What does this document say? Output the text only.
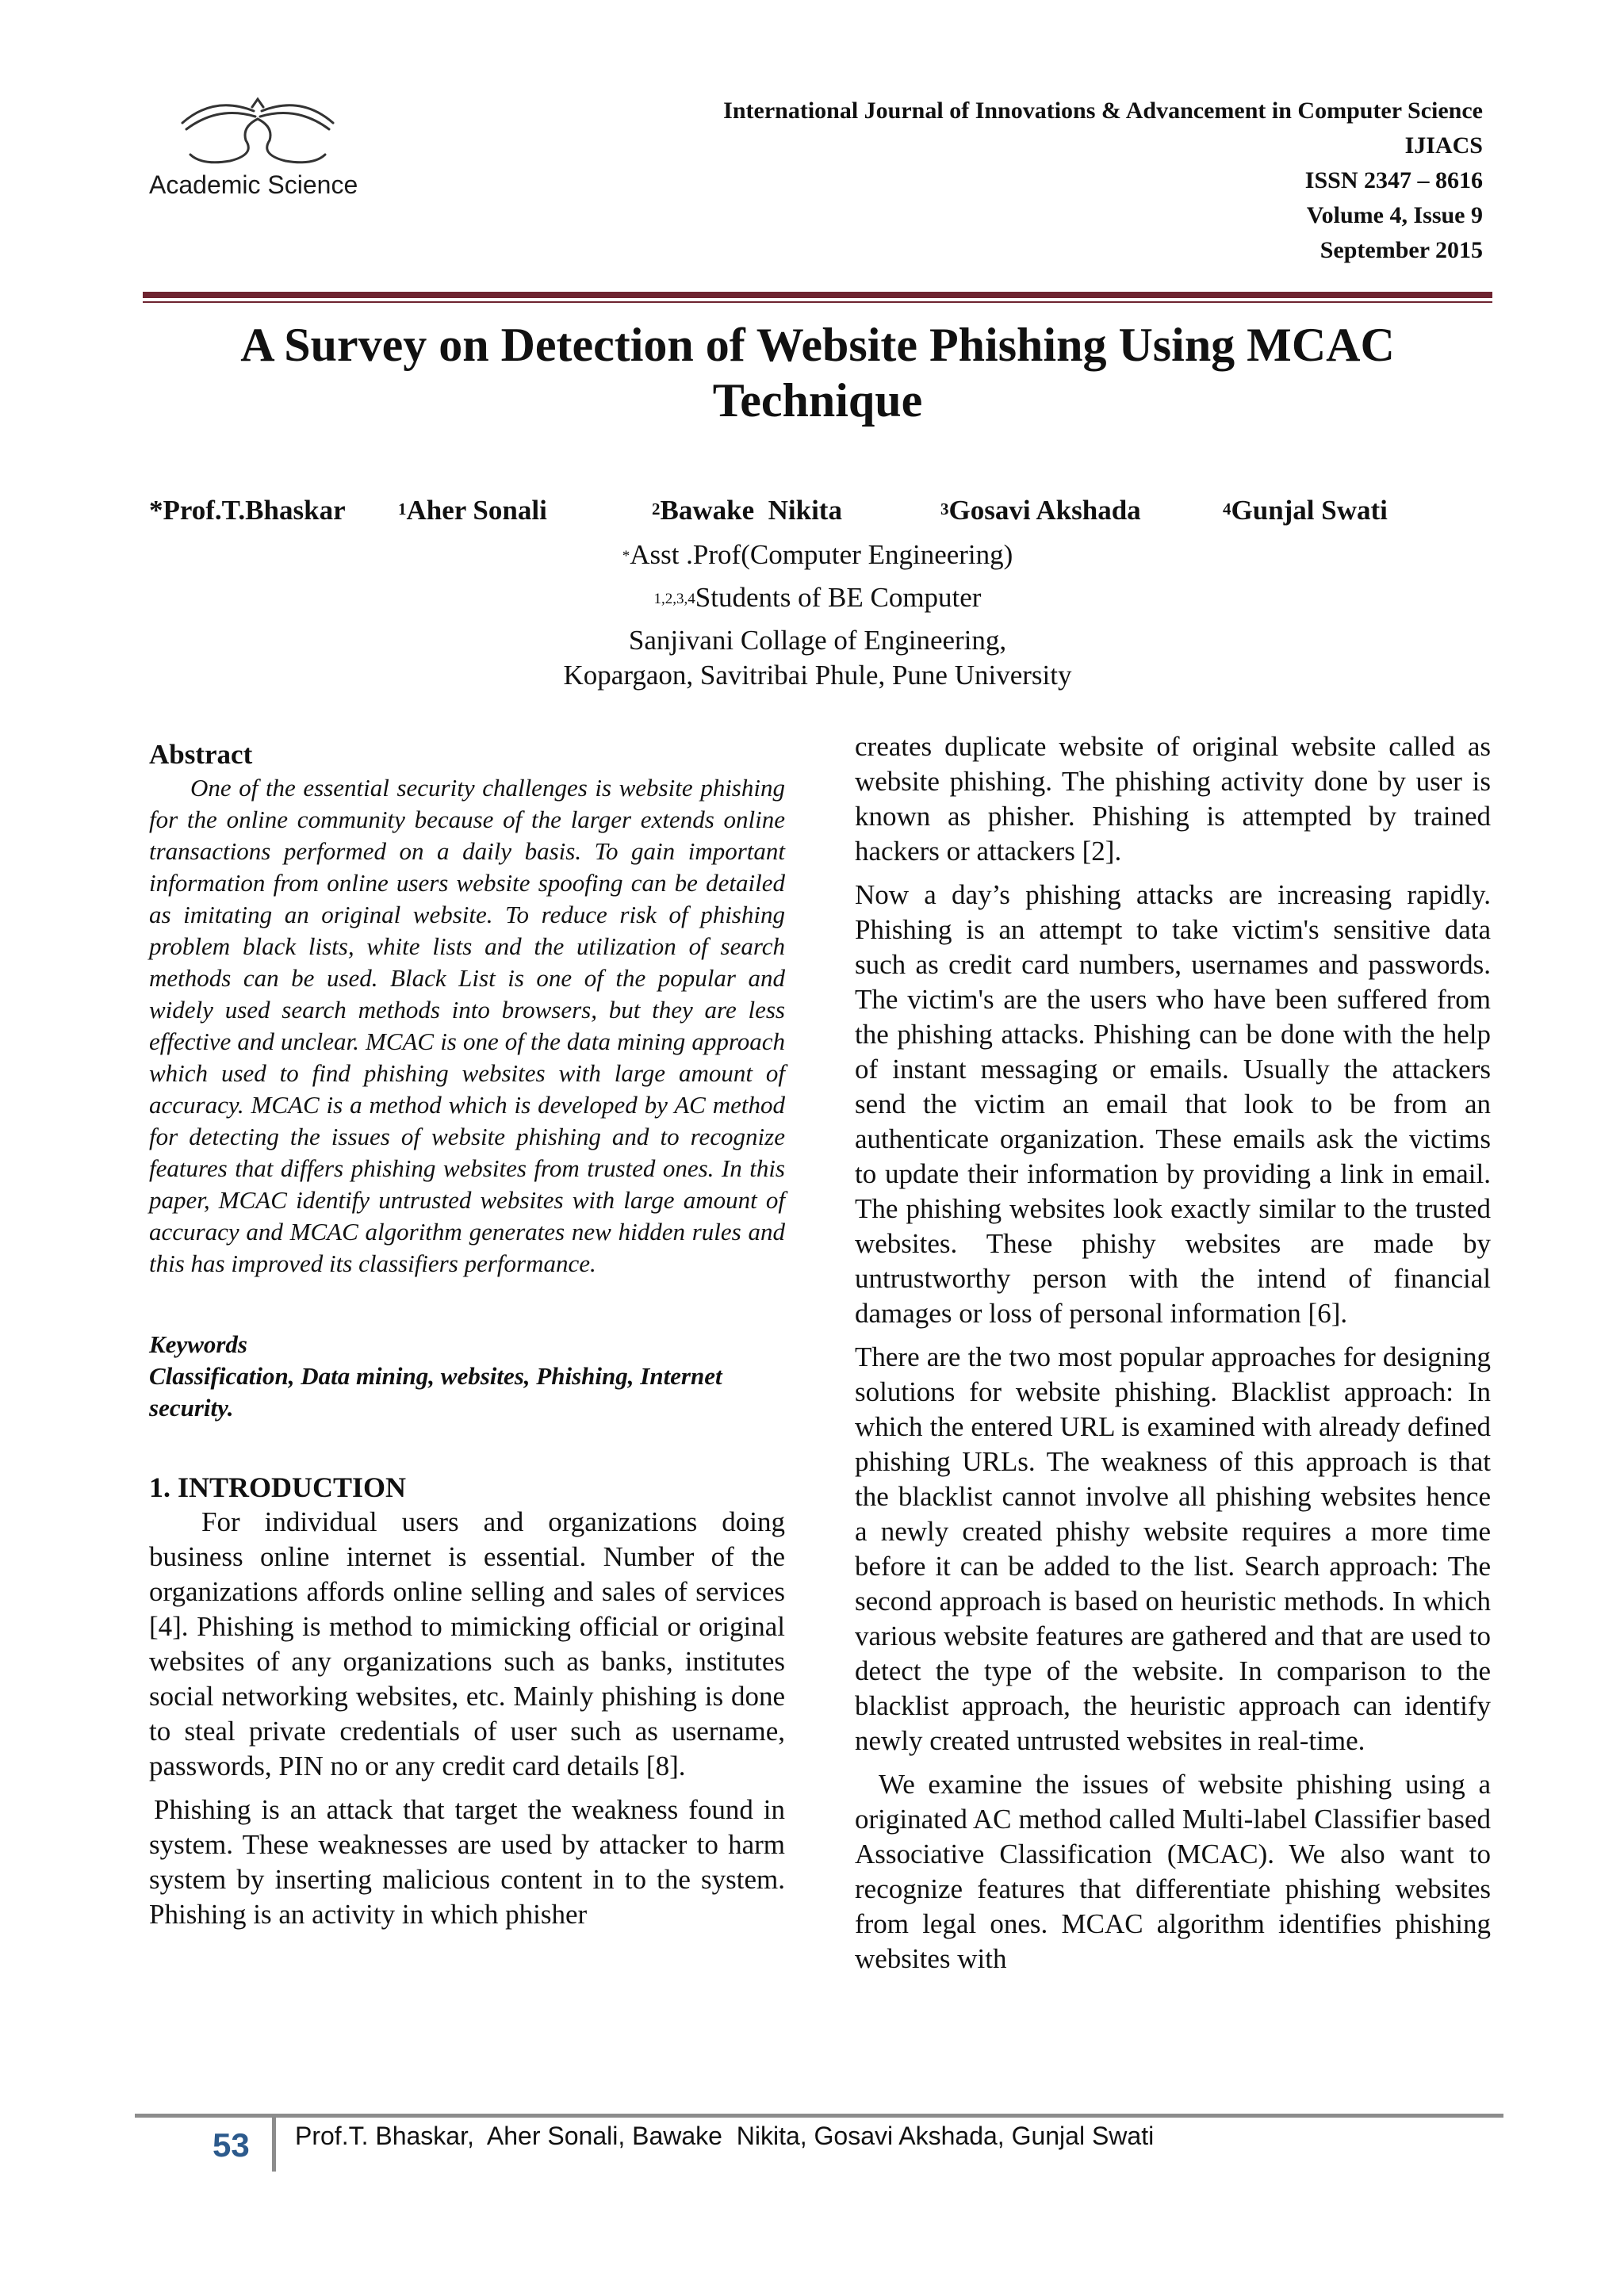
Academic Science
International Journal of Innovations & Advancement in Computer Science
IJIACS
ISSN 2347 – 8616
Volume 4, Issue 9
September 2015
A Survey on Detection of Website Phishing Using MCAC Technique
*Prof.T.Bhaskar	$^1$Aher Sonali	$^2$Bawake  Nikita	$^3$Gosavi Akshada	$^4$Gunjal Swati
*Asst .Prof(Computer Engineering)
$^{1,2,3,4}$Students of BE Computer
Sanjivani Collage of Engineering,
Kopargaon, Savitribai Phule, Pune University
Abstract

One of the essential security challenges is website phishing for the online community because of the larger extends online transactions performed on a daily basis. To gain important information from online users website spoofing can be detailed as imitating an original website. To reduce risk of phishing problem black lists, white lists and the utilization of search methods can be used. Black List is one of the popular and widely used search methods into browsers, but they are less effective and unclear. MCAC is one of the data mining approach which used to find phishing websites with large amount of accuracy. MCAC is a method which is developed by AC method for detecting the issues of website phishing and to recognize features that differs phishing websites from trusted ones. In this paper, MCAC identify untrusted websites with large amount of accuracy and MCAC algorithm generates new hidden rules and this has improved its classifiers performance.

Keywords

Classification, Data mining, websites, Phishing, Internet security.

1. INTRODUCTION

For individual users and organizations doing business online internet is essential. Number of the organizations affords online selling and sales of services [4]. Phishing is method to mimicking official or original websites of any organizations such as banks, institutes social networking websites, etc. Mainly phishing is done to steal private credentials of user such as username, passwords, PIN no or any credit card details [8].

Phishing is an attack that target the weakness found in system. These weaknesses are used by attacker to harm system by inserting malicious content in to the system. Phishing is an activity in which phisher

creates duplicate website of original website called as website phishing. The phishing activity done by user is known as phisher. Phishing is attempted by trained hackers or attackers [2].

Now a day’s phishing attacks are increasing rapidly. Phishing is an attempt to take victim's sensitive data such as credit card numbers, usernames and passwords. The victim's are the users who have been suffered from the phishing attacks. Phishing can be done with the help of instant messaging or emails. Usually the attackers send the victim an email that look to be from an authenticate organization. These emails ask the victims to update their information by providing a link in email. The phishing websites look exactly similar to the trusted websites. These phishy websites are made by untrustworthy person with the intend of financial damages or loss of personal information [6].

There are the two most popular approaches for designing solutions for website phishing. Blacklist approach: In which the entered URL is examined with already defined phishing URLs. The weakness of this approach is that the blacklist cannot involve all phishing websites hence a newly created phishy website requires a more time before it can be added to the list. Search approach: The second approach is based on heuristic methods. In which various website features are gathered and that are used to detect the type of the website. In comparison to the blacklist approach, the heuristic approach can identify newly created untrusted websites in real-time.

We examine the issues of website phishing using a originated AC method called Multi-label Classifier based Associative Classification (MCAC). We also want to recognize features that differentiate phishing websites from legal ones. MCAC algorithm identifies phishing websites with

53 Prof.T. Bhaskar,  Aher Sonali, Bawake  Nikita, Gosavi Akshada, Gunjal Swati
